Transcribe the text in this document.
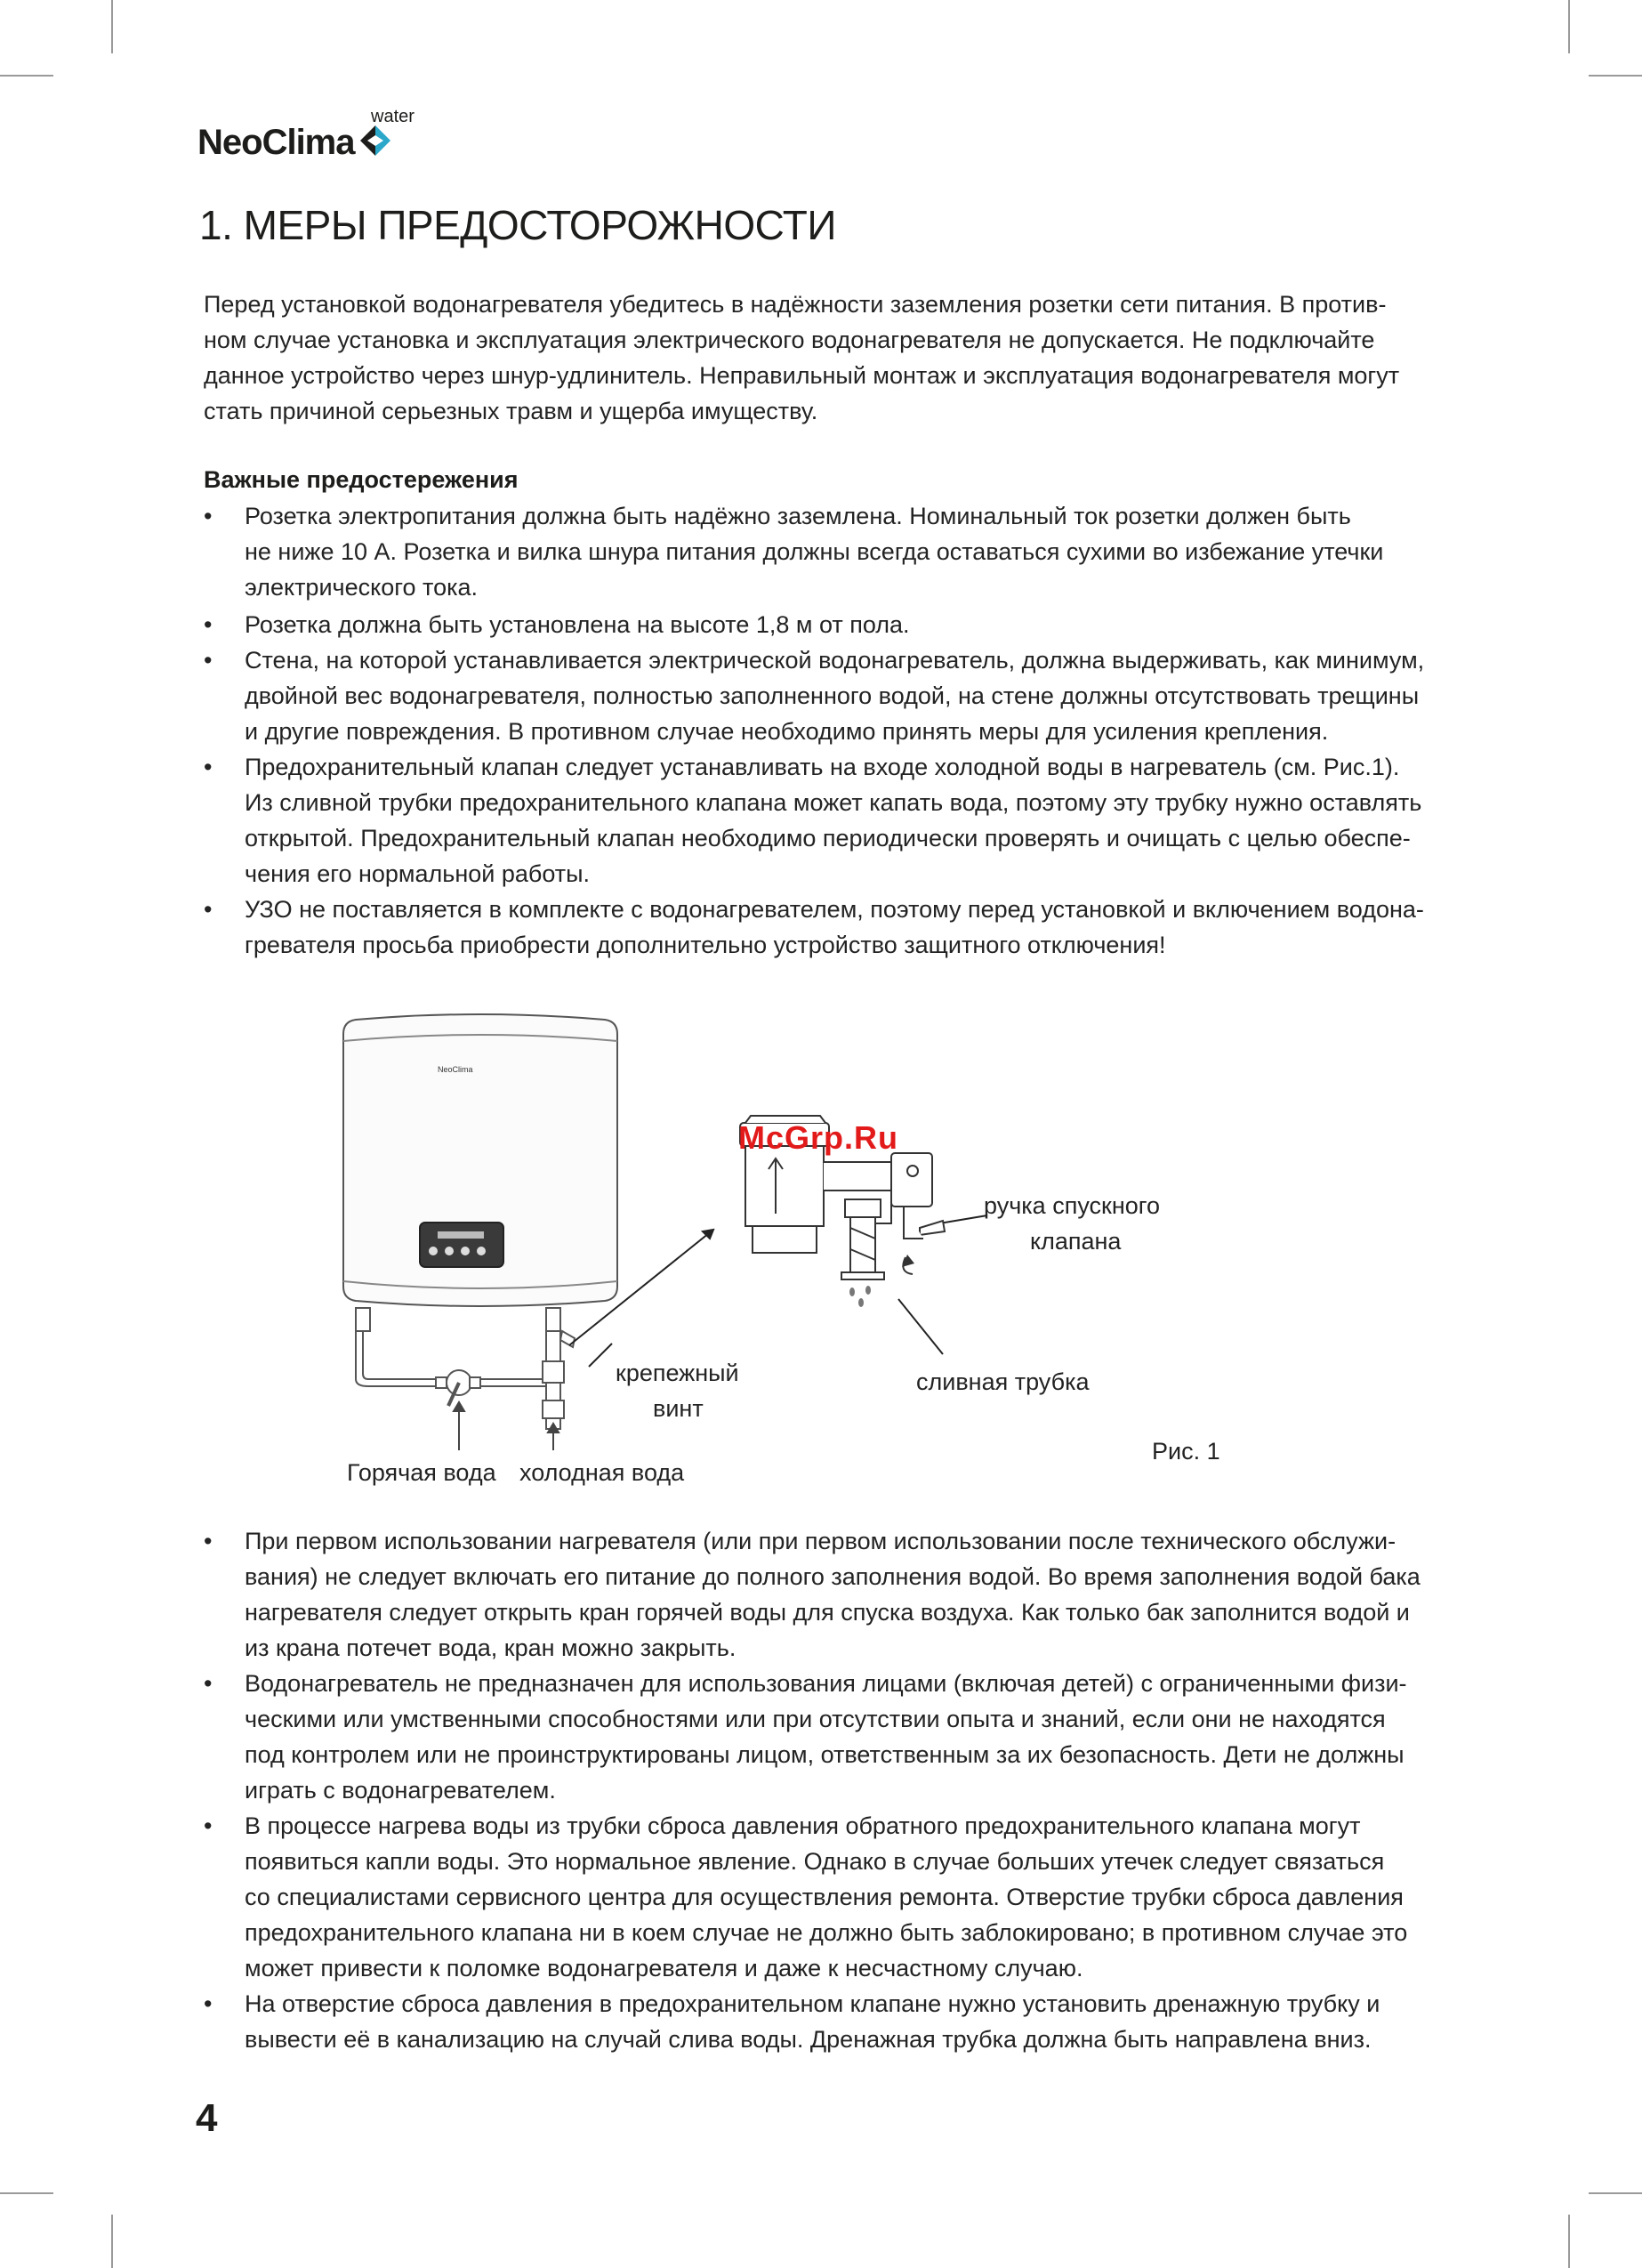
NeoClima
water
1. МЕРЫ ПРЕДОСТОРОЖНОСТИ
Перед установкой водонагревателя убедитесь в надёжности заземления розетки сети питания. В против-
ном случае установка и эксплуатация электрического водонагревателя не допускается. Не подключайте
данное устройство через шнур-удлинитель. Неправильный монтаж и эксплуатация водонагревателя могут
стать причиной серьезных травм и ущерба имуществу.
Важные предостережения
•	Розетка электропитания должна быть надёжно заземлена. Номинальный ток розетки должен быть
не ниже 10 А. Розетка и вилка шнура питания должны всегда оставаться сухими во избежание утечки
электрического тока.
•	Розетка должна быть установлена на высоте 1,8 м от пола.
•	Стена, на которой устанавливается электрической водонагреватель, должна выдерживать, как минимум,
двойной вес водонагревателя, полностью заполненного водой, на стене должны отсутствовать трещины
и другие повреждения. В противном случае необходимо принять меры для усиления крепления.
•	Предохранительный клапан следует устанавливать на входе холодной воды в нагреватель (см. Рис.1).
Из сливной трубки предохранительного клапана может капать вода, поэтому эту трубку нужно оставлять
открытой. Предохранительный клапан необходимо периодически проверять и очищать с целью обеспе-
чения его нормальной работы.
•	УЗО не поставляется в комплекте с водонагревателем, поэтому перед установкой и включением водона-
гревателя просьба приобрести дополнительно устройство защитного отключения!
NeoClima
McGrp.Ru
ручка спускного
клапана
крепежный
винт
сливная трубка
Горячая вода холодная вода
Рис. 1
•	При первом использовании нагревателя (или при первом использовании после технического обслужи-
вания) не следует включать его питание до полного заполнения водой. Во время заполнения водой бака
нагревателя следует открыть кран горячей воды для спуска воздуха. Как только бак заполнится водой и
из крана потечет вода, кран можно закрыть.
•	Водонагреватель не предназначен для использования лицами (включая детей) с ограниченными физи-
ческими или умственными способностями или при отсутствии опыта и знаний, если они не находятся
под контролем или не проинструктированы лицом, ответственным за их безопасность. Дети не должны
играть с водонагревателем.
•	В процессе нагрева воды из трубки сброса давления обратного предохранительного клапана могут
появиться капли воды. Это нормальное явление. Однако в случае больших утечек следует связаться
со специалистами сервисного центра для осуществления ремонта. Отверстие трубки сброса давления
предохранительного клапана ни в коем случае не должно быть заблокировано; в противном случае это
может привести к поломке водонагревателя и даже к несчастному случаю.
•	На отверстие сброса давления в предохранительном клапане нужно установить дренажную трубку и
вывести её в канализацию на случай слива воды. Дренажная трубка должна быть направлена вниз.
4
